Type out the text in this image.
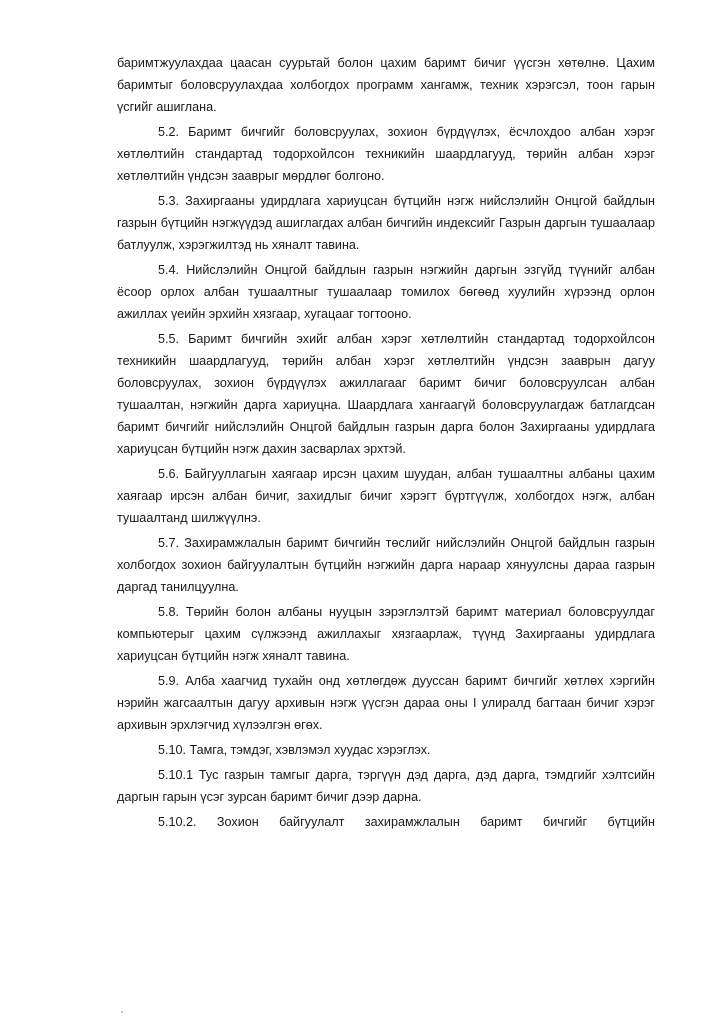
баримтжуулахдаа цаасан суурьтай болон цахим баримт бичиг үүсгэн хөтөлнө. Цахим баримтыг боловсруулахдаа холбогдох программ хангамж, техник хэрэгсэл, тоон гарын үсгийг ашиглана.

5.2. Баримт бичгийг боловсруулах, зохион бүрдүүлэх, ёсчлохдоо албан хэрэг хөтлөлтийн стандартад тодорхойлсон техникийн шаардлагууд, төрийн албан хэрэг хөтлөлтийн үндсэн зааврыг мөрдлөг болгоно.

5.3. Захиргааны удирдлага хариуцсан бүтцийн нэгж нийслэлийн Онцгой байдлын газрын бүтцийн нэгжүүдэд ашиглагдах албан бичгийн индексийг Газрын даргын тушаалаар батлуулж, хэрэгжилтэд нь хяналт тавина.

5.4. Нийслэлийн Онцгой байдлын газрын нэгжийн даргын эзгүйд түүнийг албан ёсоор орлох албан тушаалтныг тушаалаар томилох бөгөөд хуулийн хүрээнд орлон ажиллах үеийн эрхийн хязгаар, хугацааг тогтооно.

5.5. Баримт бичгийн эхийг албан хэрэг хөтлөлтийн стандартад тодорхойлсон техникийн шаардлагууд, төрийн албан хэрэг хөтлөлтийн үндсэн зааврын дагуу боловсруулах, зохион бүрдүүлэх ажиллагааг баримт бичиг боловсруулсан албан тушаалтан, нэгжийн дарга хариуцна. Шаардлага хангаагүй боловсруулагдаж батлагдсан баримт бичгийг нийслэлийн Онцгой байдлын газрын дарга болон Захиргааны удирдлага хариуцсан бүтцийн нэгж дахин засварлах эрхтэй.

5.6. Байгууллагын хаягаар ирсэн цахим шуудан, албан тушаалтны албаны цахим хаягаар ирсэн албан бичиг, захидлыг бичиг хэрэгт бүртгүүлж, холбогдох нэгж, албан тушаалтанд шилжүүлнэ.

5.7. Захирамжлалын баримт бичгийн төслийг нийслэлийн Онцгой байдлын газрын холбогдох зохион байгуулалтын бүтцийн нэгжийн дарга нараар хянуулсны дараа газрын даргад танилцуулна.

5.8. Төрийн болон албаны нууцын зэрэглэлтэй баримт материал боловсруулдаг компьютерыг цахим сүлжээнд ажиллахыг хязгаарлаж, түүнд Захиргааны удирдлага хариуцсан бүтцийн нэгж хяналт тавина.

5.9. Алба хаагчид тухайн онд хөтлөгдөж дууссан баримт бичгийг хөтлөх хэргийн нэрийн жагсаалтын дагуу архивын нэгж үүсгэн дараа оны I улиралд багтаан бичиг хэрэг архивын эрхлэгчид хүлээлгэн өгөх.

5.10. Тамга, тэмдэг, хэвлэмэл хуудас хэрэглэх.

5.10.1 Тус газрын тамгыг дарга, тэргүүн дэд дарга, дэд дарга, тэмдгийг хэлтсийн даргын гарын үсэг зурсан баримт бичиг дээр дарна.

5.10.2. Зохион байгуулалт захирамжлалын баримт бичгийг бүтцийн
